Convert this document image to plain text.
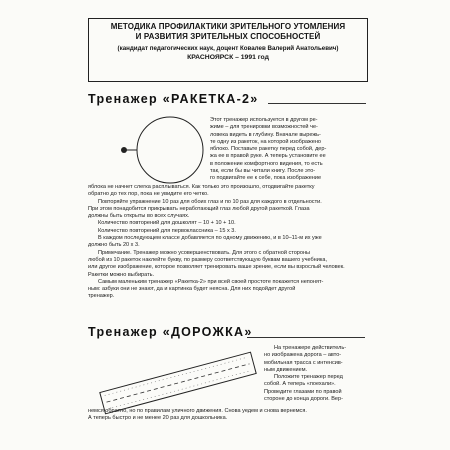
МЕТОДИКА ПРОФИЛАКТИКИ ЗРИТЕЛЬНОГО УТОМЛЕНИЯ
И РАЗВИТИЯ ЗРИТЕЛЬНЫХ СПОСОБНОСТЕЙ
(кандидат педагогических наук, доцент Ковалев Валерий Анатольевич)
КРАСНОЯРСК – 1991 год
Тренажер «РАКЕТКА-2»

Этот тренажер используется в другом ре-

жиме – для тренировки возможностей че-

ловека видеть в глубину. Вначале вырежь-

те одну из ракеток, на которой изображено

яблоко. Поставьте ракетку перед собой, дер-

жа ее в правой руке. А теперь установите ее

в положение комфортного видения, то есть

так, если бы вы читали книгу. После это-

го подвигайте ее к себе, пока изображение

яблока не начнет слегка расплываться. Как только это произошло, отодвигайте ракетку

обратно до тех пор, пока не увидите его четко.

Повторяйте упражнение 10 раз для обоих глаз и по 10 раз для каждого в отдельности.

При этом понадобится прикрывать неработающий глаз любой другой ракеткой. Глаза

должны быть открыты во всех случаях.

Количество повторений для дошколят – 10 + 10 + 10.

Количество повторений для первоклассника – 15 x 3.

В каждом последующем классе добавляется по одному движению, и в 10–11-м их уже

должно быть 20 x 3.

Примечание. Тренажер можно усовершенствовать. Для этого с обратной стороны

любой из 10 ракеток наклейте букву, по размеру соответствующую буквам вашего учебника,

или другое изображение, которое позволяет тренировать ваше зрение, если вы взрослый человек.

Ракетки можно выбирать.

Самым маленьким тренажер «Ракетка-2» при всей своей простоте покажется непонят-

ным: азбуки они не знают, да и картинка будет неясна. Для них подойдет другой

тренажер.

Тренажер «ДОРОЖКА»

На тренажере действитель-

но изображена дорога – авто-

мобильная трасса с интенсив-

ным движением.

Положите тренажер перед

собой. А теперь «поехали».

Проведите глазами по правой

стороне до конца дороги. Вер-

немся обратно, но по правилам уличного движения. Снова уедем и снова вернемся.

А теперь быстро и не менее 20 раз для дошкольника.
